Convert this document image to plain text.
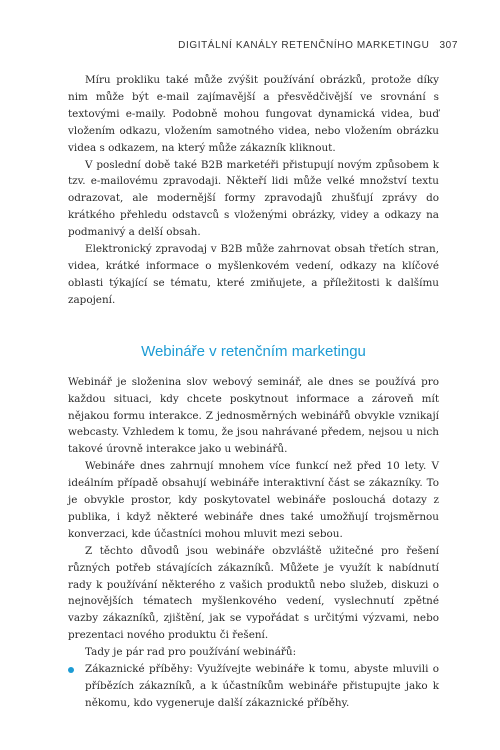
DIGITÁLNÍ KANÁLY RETENČNÍHO MARKETINGU 307

Míru prokliku také může zvýšit používání obrázků, protože díky nim může být e-mail zajímavější a přesvědčivější ve srovnání s textovými e-maily. Podobně mohou fungovat dynamická videa, buď vložením odkazu, vložením samotného videa, nebo vložením obrázku videa s odkazem, na který může zákazník kliknout.

V poslední době také B2B marketéři přistupují novým způsobem k tzv. e-mailovému zpravodaji. Někteří lidi může velké množství textu odrazovat, ale modernější formy zpravodajů zhušťují zprávy do krátkého přehledu odstavců s vloženými obrázky, videy a odkazy na podmanivý a delší obsah.

Elektronický zpravodaj v B2B může zahrnovat obsah třetích stran, videa, krátké informace o myšlenkovém vedení, odkazy na klíčové oblasti týkající se tématu, které zmiňujete, a příležitosti k dalšímu zapojení.

Webináře v retenčním marketingu

Webinář je složenina slov webový seminář, ale dnes se používá pro každou situaci, kdy chcete poskytnout informace a zároveň mít nějakou formu interakce. Z jednosměrných webinářů obvykle vznikají webcasty. Vzhledem k tomu, že jsou nahrávané předem, nejsou u nich takové úrovně interakce jako u webinářů.

Webináře dnes zahrnují mnohem více funkcí než před 10 lety. V ideálním případě obsahují webináře interaktivní část se zákazníky. To je obvykle prostor, kdy poskytovatel webináře poslouchá dotazy z publika, i když některé webináře dnes také umožňují trojsměrnou konverzaci, kde účastníci mohou mluvit mezi sebou.

Z těchto důvodů jsou webináře obzvláště užitečné pro řešení různých potřeb stávajících zákazníků. Můžete je využít k nabídnutí rady k používání některého z vašich produktů nebo služeb, diskuzi o nejnovějších tématech myšlenkového vedení, vyslechnutí zpětné vazby zákazníků, zjištění, jak se vypořádat s určitými výzvami, nebo prezentaci nového produktu či řešení.

Tady je pár rad pro používání webinářů:

Zákaznické příběhy: Využívejte webináře k tomu, abyste mluvili o příbězích zákazníků, a k účastníkům webináře přistupujte jako k někomu, kdo vygeneruje další zákaznické příběhy.
